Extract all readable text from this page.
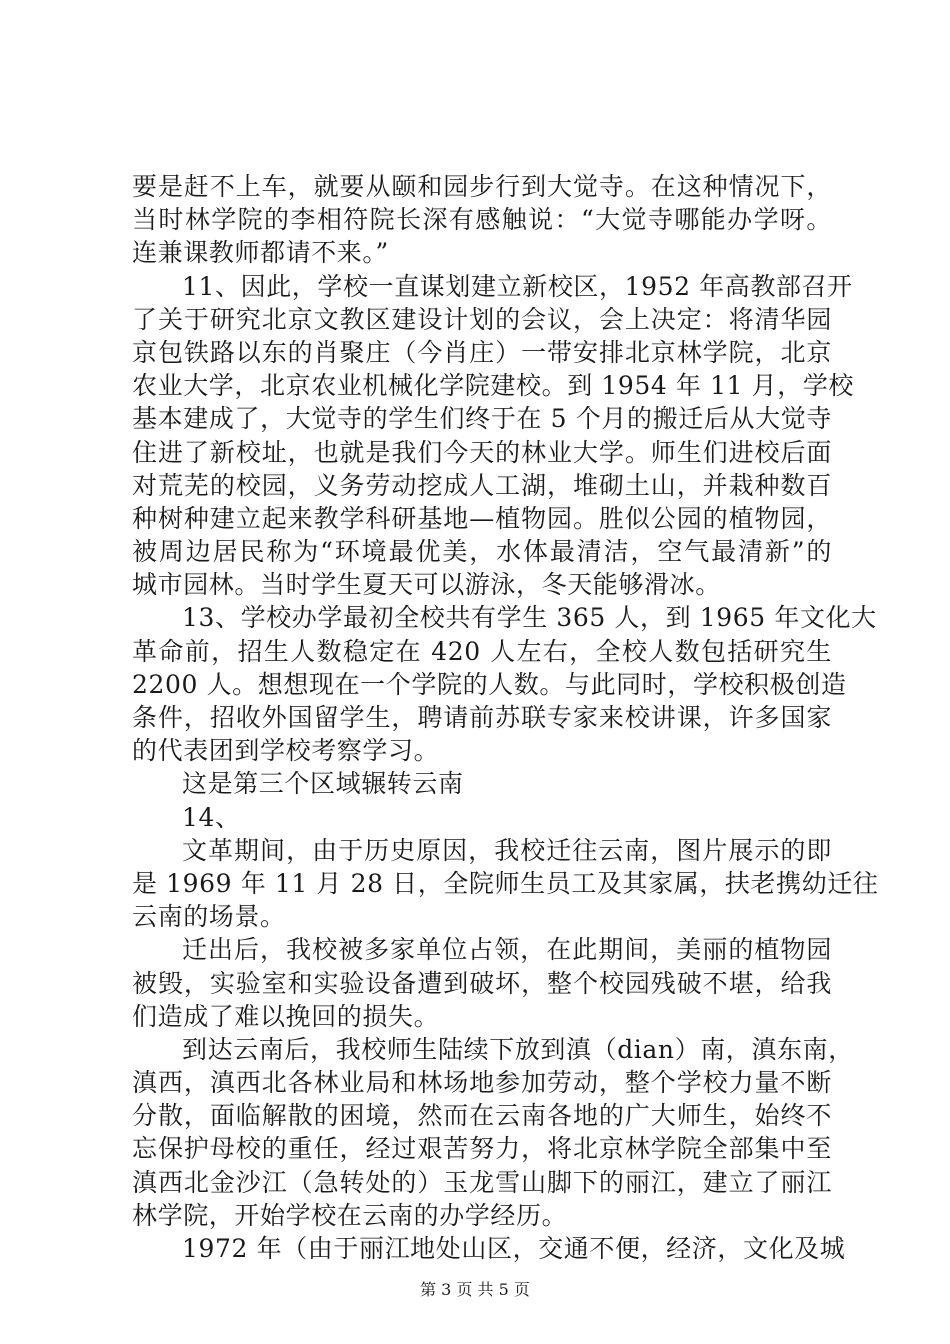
要是赶不上车，就要从颐和园步行到大觉寺。在这种情况下，
当时林学院的李相符院长深有感触说：“大觉寺哪能办学呀。
连兼课教师都请不来。”
11、因此，学校一直谋划建立新校区，1952 年高教部召开
了关于研究北京文教区建设计划的会议，会上决定：将清华园
京包铁路以东的肖聚庄（今肖庄）一带安排北京林学院，北京
农业大学，北京农业机械化学院建校。到 1954 年 11 月，学校
基本建成了，大觉寺的学生们终于在 5 个月的搬迁后从大觉寺
住进了新校址，也就是我们今天的林业大学。师生们进校后面
对荒芜的校园，义务劳动挖成人工湖，堆砌土山，并栽种数百
种树种建立起来教学科研基地—植物园。胜似公园的植物园，
被周边居民称为“环境最优美，水体最清洁，空气最清新”的
城市园林。当时学生夏天可以游泳，冬天能够滑冰。
13、学校办学最初全校共有学生 365 人，到 1965 年文化大
革命前，招生人数稳定在 420 人左右，全校人数包括研究生
2200 人。想想现在一个学院的人数。与此同时，学校积极创造
条件，招收外国留学生，聘请前苏联专家来校讲课，许多国家
的代表团到学校考察学习。
这是第三个区域辗转云南
14、
文革期间，由于历史原因，我校迁往云南，图片展示的即
是 1969 年 11 月 28 日，全院师生员工及其家属，扶老携幼迁往
云南的场景。
迁出后，我校被多家单位占领，在此期间，美丽的植物园
被毁，实验室和实验设备遭到破坏，整个校园残破不堪，给我
们造成了难以挽回的损失。
到达云南后，我校师生陆续下放到滇（dian）南，滇东南，
滇西，滇西北各林业局和林场地参加劳动，整个学校力量不断
分散，面临解散的困境，然而在云南各地的广大师生，始终不
忘保护母校的重任，经过艰苦努力，将北京林学院全部集中至
滇西北金沙江（急转处的）玉龙雪山脚下的丽江，建立了丽江
林学院，开始学校在云南的办学经历。
1972 年（由于丽江地处山区，交通不便，经济，文化及城
第 3 页 共 5 页
